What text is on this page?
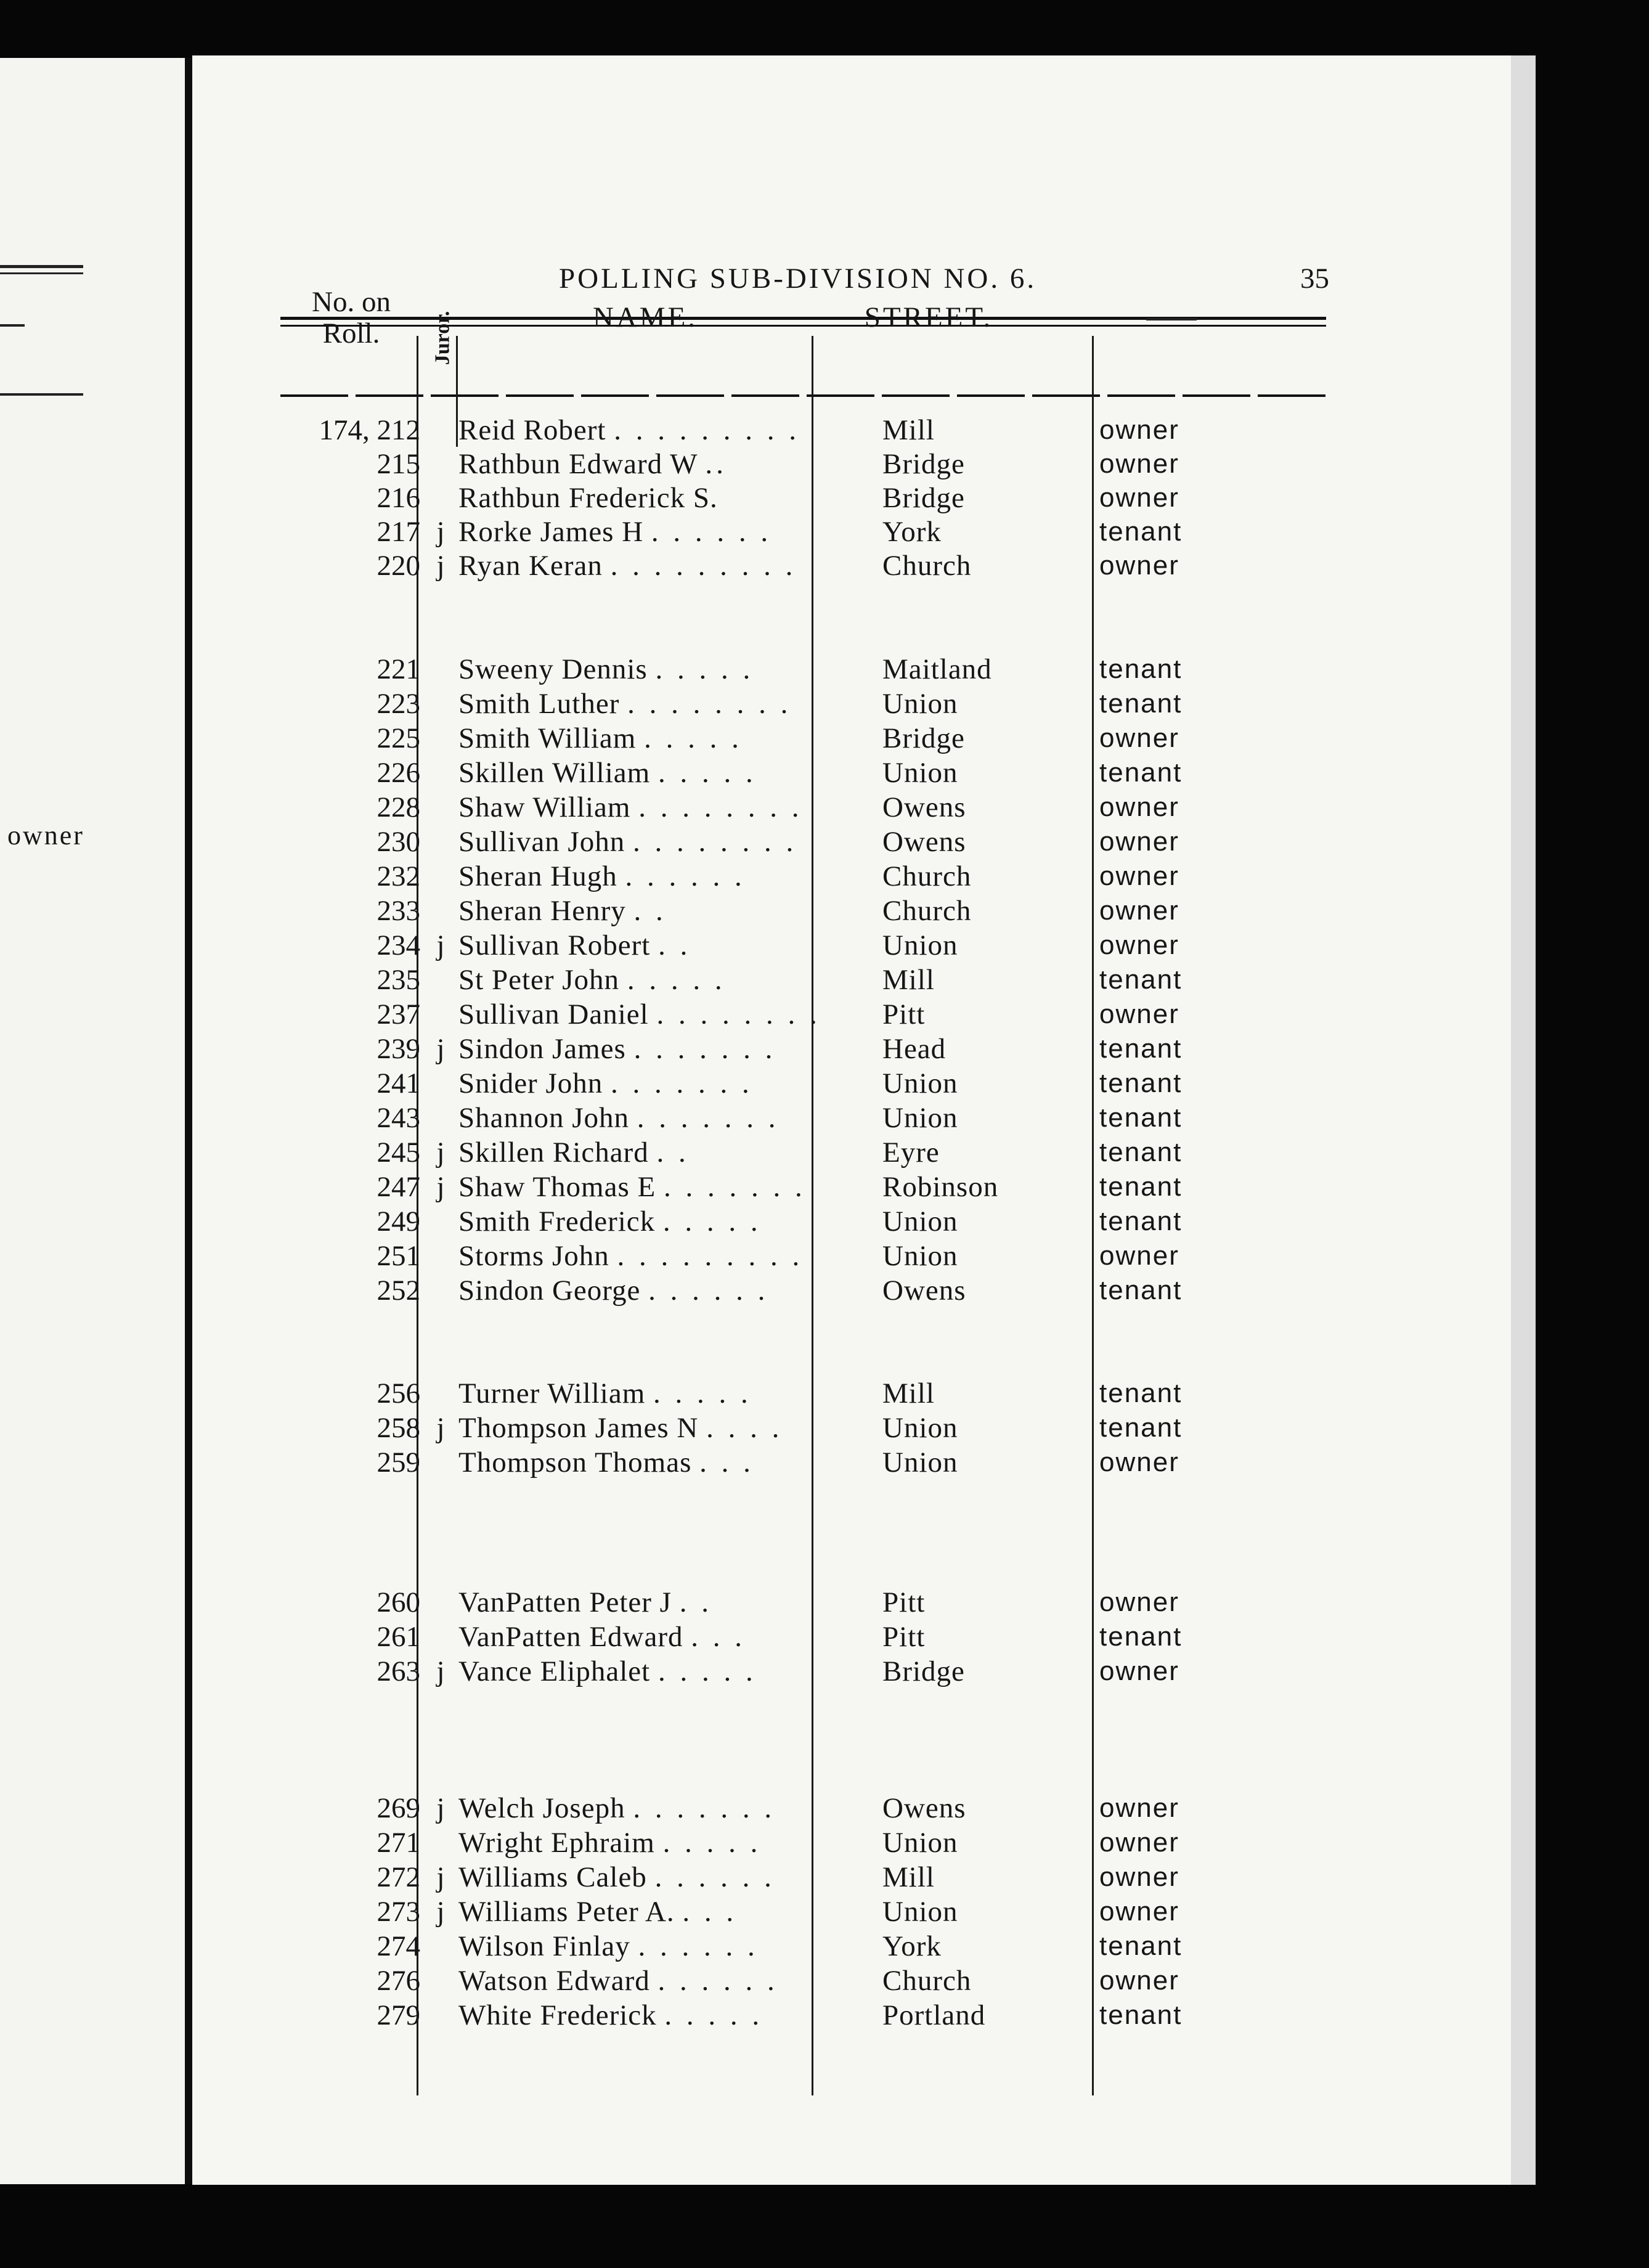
owner
POLLING SUB-DIVISION NO. 6.	35
No. on
Roll.	Juror.	NAME.	STREET.
174, 212 Reid Robert . . . . . . . . .	Mill	owner
215 Rathbun Edward W ..	Bridge	owner
216 Rathbun Frederick S.	Bridge	owner
217 j Rorke James H . . . . . .	York	tenant
220 j Ryan Keran . . . . . . . . .	Church	owner
221 Sweeny Dennis . . . . .	Maitland	tenant
223 Smith Luther . . . . . . . .	Union	tenant
225 Smith William . . . . .	Bridge	owner
226 Skillen William . . . . .	Union	tenant
228 Shaw William . . . . . . . .	Owens	owner
230 Sullivan John . . . . . . . .	Owens	owner
232 Sheran Hugh . . . . . .	Church	owner
233 Sheran Henry . .	Church	owner
234 j Sullivan Robert . .	Union	owner
235 St Peter John . . . . .	Mill	tenant
237 Sullivan Daniel . . . . . . . . Pitt	owner
239 j Sindon James . . . . . . .	Head	tenant
241 Snider John . . . . . . .	Union	tenant
243 Shannon John . . . . . . .	Union	tenant
245 j Skillen Richard . .	Eyre	tenant
247 j Shaw Thomas E . . . . . . .	Robinson	tenant
249 Smith Frederick . . . . .	Union	tenant
251 Storms John . . . . . . . . .	Union	owner
252 Sindon George . . . . . .	Owens	tenant
256 Turner William . . . . .	Mill	tenant
258 j Thompson James N . . . .	Union	tenant
259 Thompson Thomas . . .	Union	owner
260 VanPatten Peter J . .	Pitt	owner
261 VanPatten Edward . . .	Pitt	tenant
263 j Vance Eliphalet . . . . .	Bridge	owner
269 j Welch Joseph . . . . . . .	Owens	owner
271 Wright Ephraim . . . . .	Union	owner
272 j Williams Caleb . . . . . .	Mill	owner
273 j Williams Peter A. . . .	Union	owner
274 Wilson Finlay . . . . . .	York	tenant
276 Watson Edward . . . . . .	Church	owner
279 White Frederick . . . . .	Portland	tenant
